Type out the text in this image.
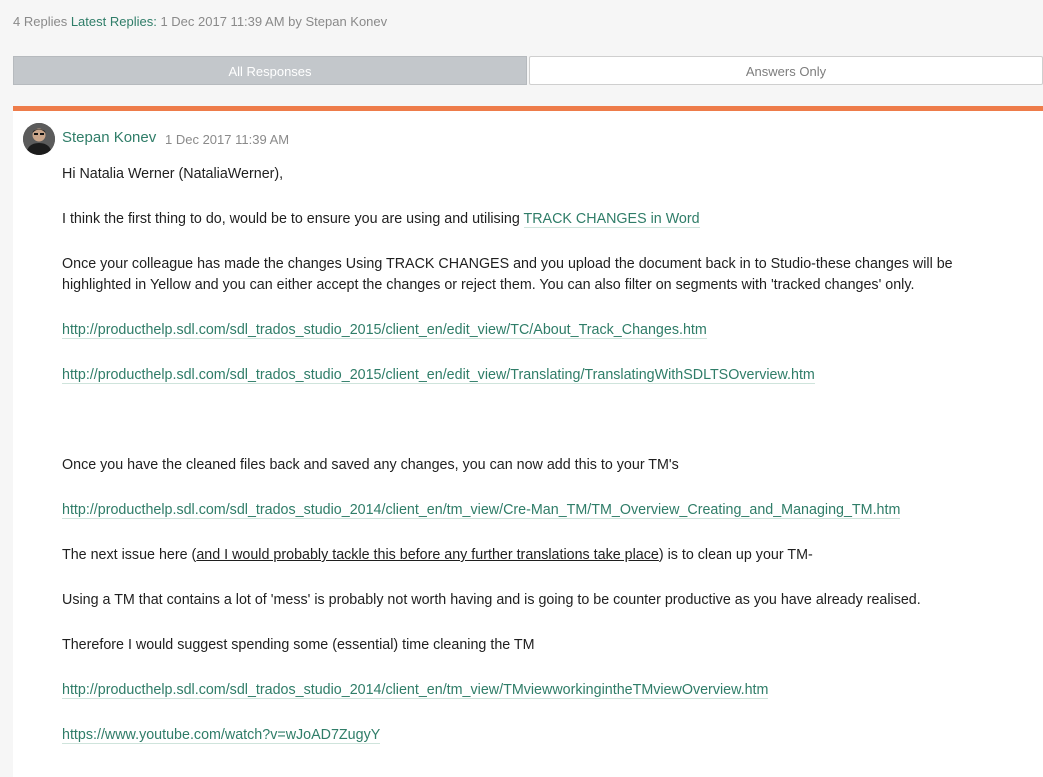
4 Replies Latest Replies: 1 Dec 2017 11:39 AM by Stepan Konev
All Responses	Answers Only
Stepan Konev 1 Dec 2017 11:39 AM

Hi Natalia Werner (NataliaWerner),

I think the first thing to do, would be to ensure you are using and utilising TRACK CHANGES in Word

Once your colleague has made the changes Using TRACK CHANGES and you upload the document back in to Studio-these changes will be highlighted in Yellow and you can either accept the changes or reject them. You can also filter on segments with 'tracked changes' only.

http://producthelp.sdl.com/sdl_trados_studio_2015/client_en/edit_view/TC/About_Track_Changes.htm

http://producthelp.sdl.com/sdl_trados_studio_2015/client_en/edit_view/Translating/TranslatingWithSDLTSOverview.htm

Once you have the cleaned files back and saved any changes, you can now add this to your TM's

http://producthelp.sdl.com/sdl_trados_studio_2014/client_en/tm_view/Cre-Man_TM/TM_Overview_Creating_and_Managing_TM.htm

The next issue here (and I would probably tackle this before any further translations take place) is to clean up your TM-

Using a TM that contains a lot of 'mess' is probably not worth having and is going to be counter productive as you have already realised.

Therefore I would suggest spending some (essential) time cleaning the TM

http://producthelp.sdl.com/sdl_trados_studio_2014/client_en/tm_view/TMviewworkingintheTMviewOverview.htm

https://www.youtube.com/watch?v=wJoAD7ZugyY
